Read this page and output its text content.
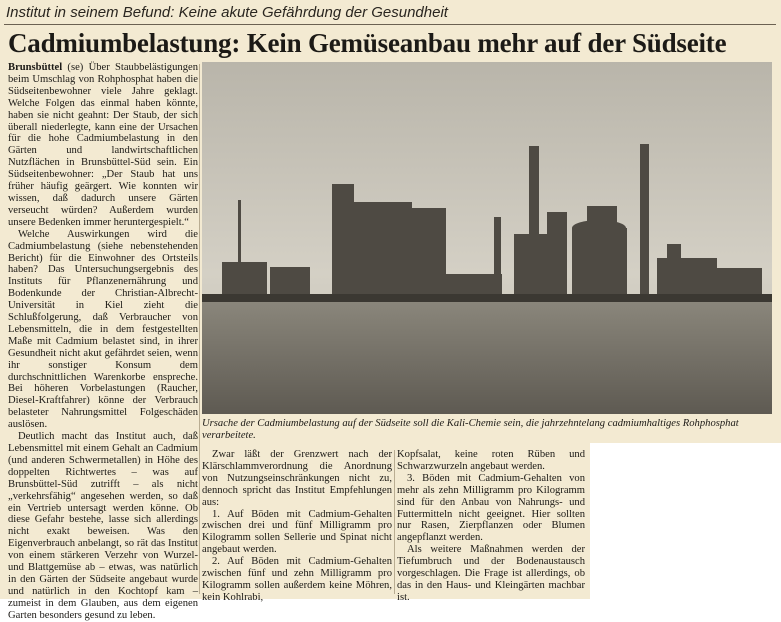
Institut in seinem Befund: Keine akute Gefährdung der Gesundheit
Cadmiumbelastung: Kein Gemüseanbau mehr auf der Südseite

Brunsbüttel (se) Über Staubbelästigungen beim Umschlag von Rohphosphat haben die Südseitenbewohner viele Jahre geklagt. Welche Folgen das einmal haben könnte, haben sie nicht geahnt: Der Staub, der sich überall niederlegte, kann eine der Ursachen für die hohe Cadmiumbelastung in den Gärten und landwirtschaftlichen Nutzflächen in Brunsbüttel-Süd sein. Ein Südseitenbewohner: „Der Staub hat uns früher häufig geärgert. Wie konnten wir wissen, daß dadurch unsere Gärten verseucht würden? Außerdem wurden unsere Bedenken immer heruntergespielt.“

Welche Auswirkungen wird die Cadmiumbelastung (siehe nebenstehenden Bericht) für die Einwohner des Ortsteils haben? Das Untersuchungsergebnis des Instituts für Pflanzenernährung und Bodenkunde der Christian-Albrecht-Universität in Kiel zieht die Schlußfolgerung, daß Verbraucher von Lebensmitteln, die in dem festgestellten Maße mit Cadmium belastet sind, in ihrer Gesundheit nicht akut gefährdet seien, wenn ihr sonstiger Konsum dem durchschnittlichen Warenkorbe enspreche. Bei höheren Vorbelastungen (Raucher, Diesel-Kraftfahrer) könne der Verbrauch belasteter Nahrungsmittel Folgeschäden auslösen.

Deutlich macht das Institut auch, daß Lebensmittel mit einem Gehalt an Cadmium (und anderen Schwermetallen) in Höhe des doppelten Richtwertes – was auf Brunsbüttel-Süd zutrifft – als nicht „verkehrsfähig“ angesehen werden, so daß ein Vertrieb untersagt werden könne. Ob diese Gefahr bestehe, lasse sich allerdings nicht exakt beweisen. Was den Eigenverbrauch anbelangt, so rät das Institut von einem stärkeren Verzehr von Wurzel- und Blattgemüse ab – etwas, was natürlich in den Gärten der Südseite angebaut wurde und natürlich in den Kochtopf kam – zumeist in dem Glauben, aus dem eigenen Garten besonders gesund zu leben.

Ursache der Cadmiumbelastung auf der Südseite soll die Kali-Chemie sein, die jahrzehntelang cadmiumhaltiges Rohphosphat verarbeitete.

Zwar läßt der Grenzwert nach der Klärschlammverordnung die Anordnung von Nutzungseinschränkungen nicht zu, dennoch spricht das Institut Empfehlungen aus:

1. Auf Böden mit Cadmium-Gehalten zwischen drei und fünf Milligramm pro Kilogramm sollen Sellerie und Spinat nicht angebaut werden.

2. Auf Böden mit Cadmium-Gehalten zwischen fünf und zehn Milligramm pro Kilogramm sollen außerdem keine Möhren, kein Kohlrabi,

Kopfsalat, keine roten Rüben und Schwarzwurzeln angebaut werden.

3. Böden mit Cadmium-Gehalten von mehr als zehn Milligramm pro Kilogramm sind für den Anbau von Nahrungs- und Futtermitteln nicht geeignet. Hier sollten nur Rasen, Zierpflanzen oder Blumen angepflanzt werden.

Als weitere Maßnahmen werden der Tiefumbruch und der Bodenaustausch vorgeschlagen. Die Frage ist allerdings, ob das in den Haus- und Kleingärten machbar ist.
